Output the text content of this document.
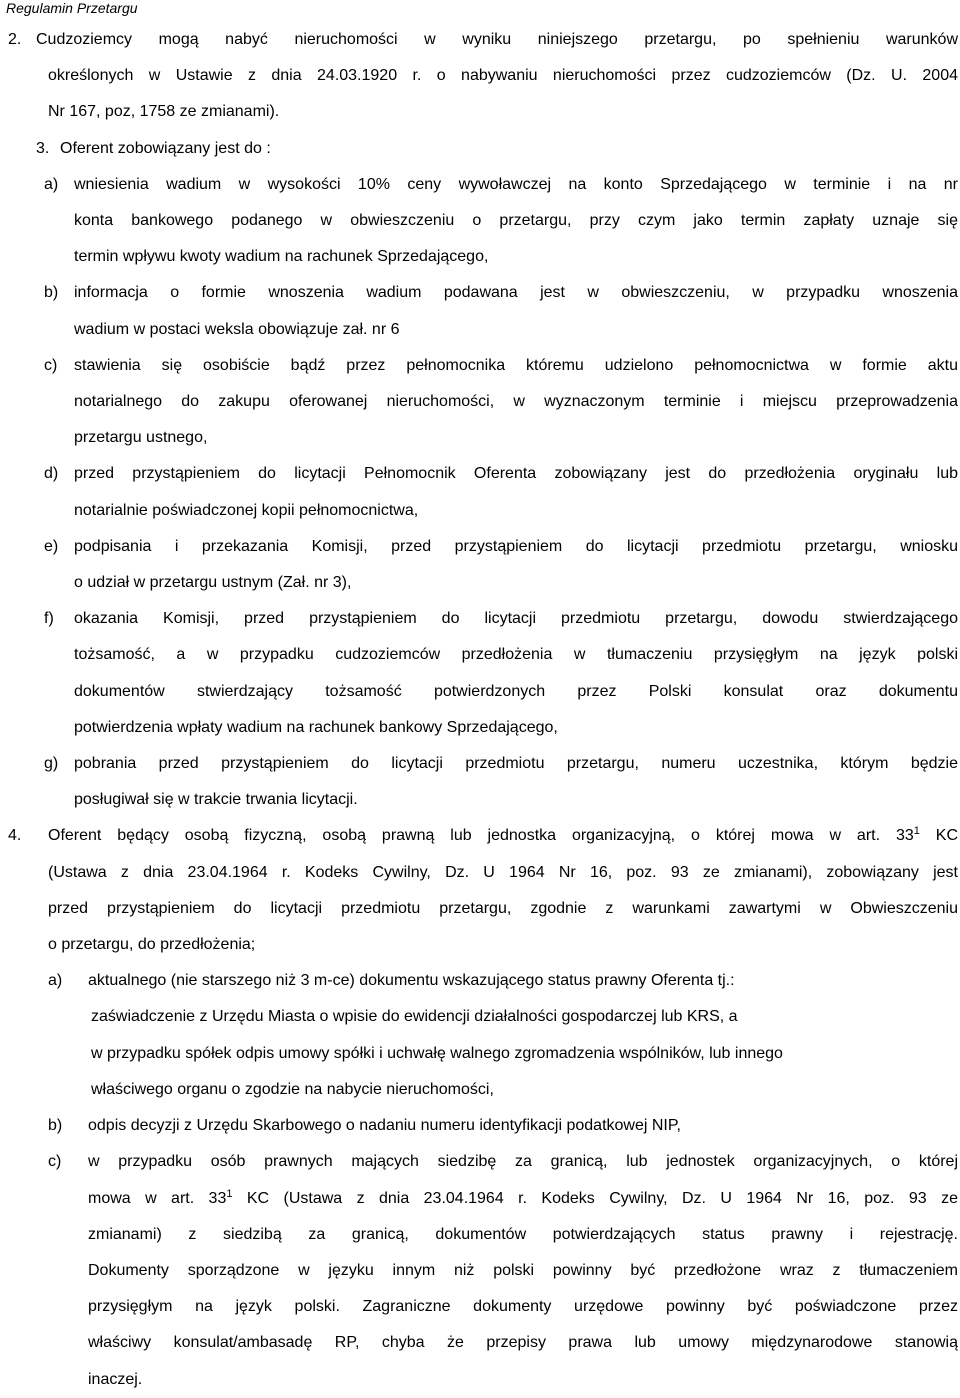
Regulamin Przetargu
2. Cudzoziemcy mogą nabyć nieruchomości w wyniku niniejszego przetargu, po spełnieniu warunków
określonych w Ustawie z dnia 24.03.1920 r. o nabywaniu nieruchomości przez cudzoziemców (Dz. U. 2004
Nr 167, poz, 1758 ze zmianami).
3. Oferent zobowiązany jest do :
a) wniesienia wadium w wysokości 10% ceny wywoławczej na konto Sprzedającego w terminie i na nr
konta bankowego podanego w obwieszczeniu o przetargu, przy czym jako termin zapłaty uznaje się
termin wpływu kwoty wadium na rachunek Sprzedającego,
b) informacja o formie wnoszenia wadium podawana jest w obwieszczeniu, w przypadku wnoszenia
wadium w postaci weksla obowiązuje zał. nr 6
c) stawienia się osobiście bądź przez pełnomocnika któremu udzielono pełnomocnictwa w formie aktu
notarialnego do zakupu oferowanej nieruchomości, w wyznaczonym terminie i miejscu przeprowadzenia
przetargu ustnego,
d) przed przystąpieniem do licytacji Pełnomocnik Oferenta zobowiązany jest do przedłożenia oryginału lub
notarialnie poświadczonej kopii pełnomocnictwa,
e) podpisania i przekazania Komisji, przed przystąpieniem do licytacji przedmiotu przetargu, wniosku
o udział w przetargu ustnym (Zał. nr 3),
f) okazania Komisji, przed przystąpieniem do licytacji przedmiotu przetargu, dowodu stwierdzającego
tożsamość, a w przypadku cudzoziemców przedłożenia w tłumaczeniu przysięgłym na język polski
dokumentów stwierdzający tożsamość potwierdzonych przez Polski konsulat oraz dokumentu
potwierdzenia wpłaty wadium na rachunek bankowy Sprzedającego,
g) pobrania przed przystąpieniem do licytacji przedmiotu przetargu, numeru uczestnika, którym będzie
posługiwał się w trakcie trwania licytacji.
4. Oferent będący osobą fizyczną, osobą prawną lub jednostka organizacyjną, o której mowa w art. $33^1$ KC
(Ustawa z dnia 23.04.1964 r. Kodeks Cywilny, Dz. U 1964 Nr 16, poz. 93 ze zmianami), zobowiązany jest
przed przystąpieniem do licytacji przedmiotu przetargu, zgodnie z warunkami zawartymi w Obwieszczeniu
o przetargu, do przedłożenia;
a) aktualnego (nie starszego niż 3 m-ce) dokumentu wskazującego status prawny Oferenta tj.:
zaświadczenie z Urzędu Miasta o wpisie do ewidencji działalności gospodarczej lub KRS, a
w przypadku spółek odpis umowy spółki i uchwałę walnego zgromadzenia wspólników, lub innego
właściwego organu o zgodzie na nabycie nieruchomości,
b) odpis decyzji z Urzędu Skarbowego o nadaniu numeru identyfikacji podatkowej NIP,
c) w przypadku osób prawnych mających siedzibę za granicą, lub jednostek organizacyjnych, o której
mowa w art. $33^1$ KC (Ustawa z dnia 23.04.1964 r. Kodeks Cywilny, Dz. U 1964 Nr 16, poz. 93 ze
zmianami) z siedzibą za granicą, dokumentów potwierdzających status prawny i rejestrację.
Dokumenty sporządzone w języku innym niż polski powinny być przedłożone wraz z tłumaczeniem
przysięgłym na język polski. Zagraniczne dokumenty urzędowe powinny być poświadczone przez
właściwy konsulat/ambasadę RP, chyba że przepisy prawa lub umowy międzynarodowe stanowią
inaczej.
